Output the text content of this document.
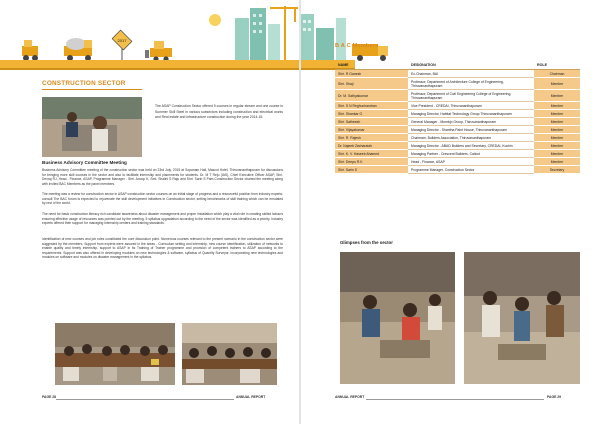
2017
CONSTRUCTION SECTOR

The ASAP Construction Sector offered 5 courses in regular stream and one course in Summer Skill Steel in various subsectors including construction and electrical works and Real estate and infrastructure construction during the year 2014-15.

Business Advisory Committee Meeting

Business Advisory Committee meeting of the construction sector was held on 23rd July, 2015 at Sopanam Hall, Mascot Hotel, Thiruvananthapuram for discussions for bringing more skill courses in the sector and also to facilitate internship and placements for students. Dr. M T Reju (IAS), Chief Executive Officer ASAP, Shri. Devraj RJ, Head - Finance, ASAP, Programme Manager - Shri. Anoop K, Smt. Shalini S Raju and Shri. Sarin S Pam-Construction Sector chaired the meeting along with invited BAC Members as the panel members.

The meeting was a review for construction sector in ASAP construction sector courses on an initial stage of progress and a resourceful position from industry experts; consult The BAC forum is expected to rejuvenate the skill development initiatives in Construction sector, setting benchmarks of skill training which can be emulated by rest of the world.

The need for basic construction literacy rich candidate awareness about disaster management and proper installation which play a vital role in creating skilled labours ensuring effective usage of resources was pointed out by the meeting. 5 syllabus upgradation according to the need of the sector was identified as a priority. Industry experts offered their support for managing internship centers and training standards.

Identification of new courses and job roles constituted the core discussion point. Numerous courses relevant to the present scenario in the construction sector were suggested by the members. Support from experts were assured in the areas - Curriculum setting and internship, new course identification, utilization of networks to enable quality and timely internship, support to ASAP in its Training of Trainer programme and provision of competent trainers to ASAP according to the requirements. Support was also offered in developing modules on new technologies & software, syllabus of Quantity Surveyor, incorporating new technologies and modules on software and modules on disaster management in the syllabus.

PAGE 28	ANNUAL REPORT
B A C Members
NAME	DESIGNATION	ROLE
Shri. R Ganesh	Ex-Chairman, BAI	Chairman
Shri. Shaji	Professor, Department of Architecture College of Engineering, Thiruvananthapuram	Member
Dr. M. Sathyakumar	Professor, Department of Civil Engineering College of Engineering, Thiruvananthapuram	Member
Shri. S N Reghuchandran	Vice President - CREDAI, Thiruvananthapuram	Member
Shri. Shankar G	Managing Director, Habitat Technology Group Thiruvananthapuram	Member
Shri. Satheesh	General Manager - Mumbjo Group, Thiruvananthapuram	Member
Shri. Vijayakumar	Managing Director - Shantha Paint House, Thiruvananthapuram	Member
Shri. R. Rajesh	Chairman, Builders Association, Thiruvananthapuram	Member
Dr. Najeeb Zacharaiah	Managing Director - ABAD Builders and Secretary, CREDAI, Kochin	Member
Shri. K. V. Haseeb Ahamed	Managing Partner - Crescent Builders, Calicut	Member
Shri. Deepu R.K	Head - Finance, ASAP	Member
Shri. Sarin S	Programme Manager, Construction Sector	Secretary
Glimpses from the sector
ANNUAL REPORT	PAGE 29
